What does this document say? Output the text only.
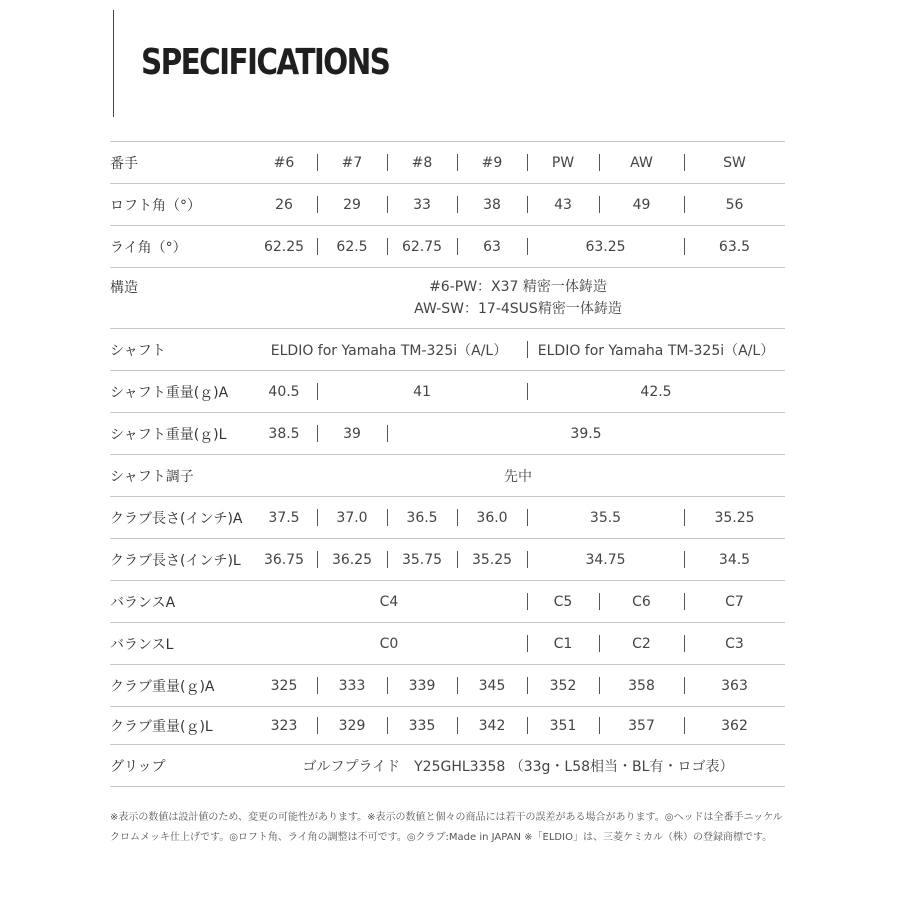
SPECIFICATIONS
番手	#6	#7	#8	#9	PW	AW	SW
ロフト角（°）	26	29	33	38	43	49	56
ライ角（°）	62.25	62.5	62.75	63	63.25		63.5
構造	#6-PW：X37 精密一体鋳造
AW-SW：17-4SUS精密一体鋳造						

シャフト	ELDIO for Yamaha TM-325i（A/L）				ELDIO for Yamaha TM-325i（A/L）		
シャフト重量(ｇ)A	40.5	41			42.5		
シャフト重量(ｇ)L	38.5	39	39.5				
シャフト調子	先中						
クラブ長さ(インチ)A	37.5	37.0	36.5	36.0	35.5		35.25
クラブ長さ(インチ)L	36.75	36.25	35.75	35.25	34.75		34.5
バランスA	C4				C5	C6	C7
バランスL	C0				C1	C2	C3
クラブ重量(ｇ)A	325	333	339	345	352	358	363
クラブ重量(ｇ)L	323	329	335	342	351	357	362
グリップ	ゴルフプライド　Y25GHL3358 （33g・L58相当・BL有・ロゴ表）						
※表示の数値は設計値のため、変更の可能性があります。※表示の数値と個々の商品には若干の誤差がある場合があります。◎ヘッドは全番手ニッケルクロムメッキ仕上げです。◎ロフト角、ライ角の調整は不可です。◎クラブ:Made in JAPAN ※「ELDIO」は、三菱ケミカル（株）の登録商標です。
